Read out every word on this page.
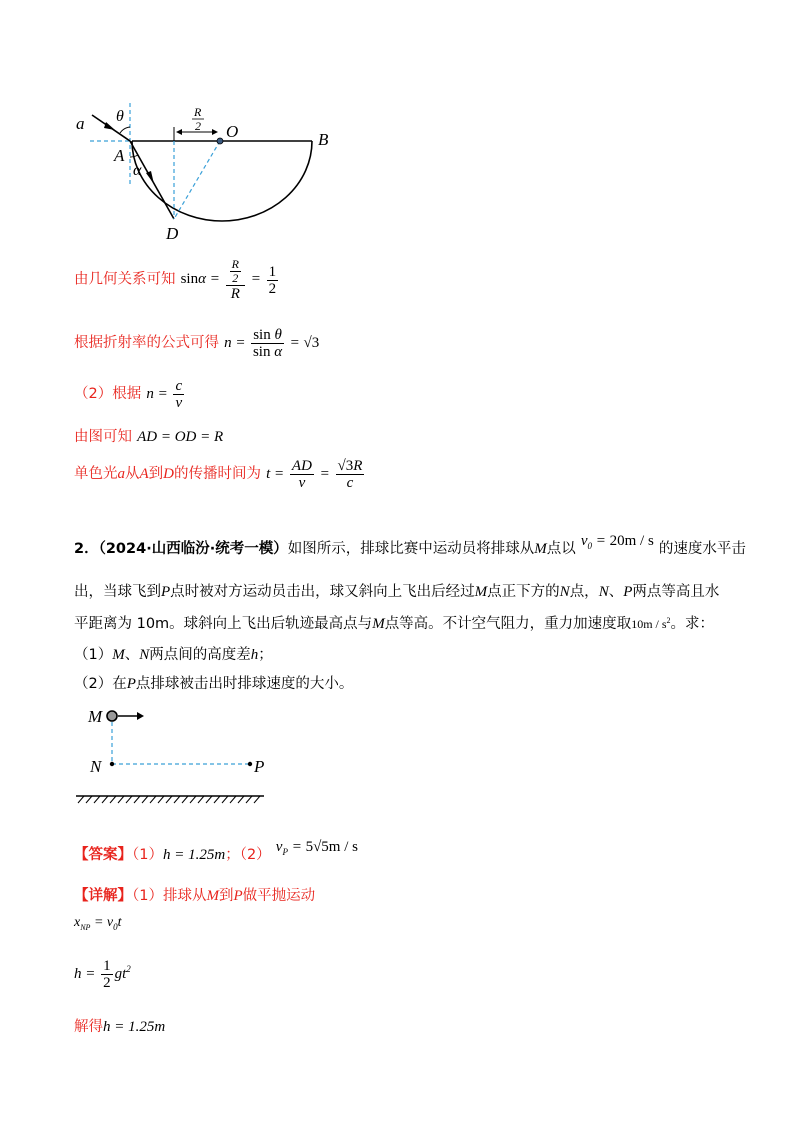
a θ	R
2 O	B
A
α
D
由几何关系可知 $\sin\alpha = \frac{\frac{R}{2}}{R} = \frac{1}{2}$
根据折射率的公式可得 $n = \frac{\text{sin θ}}{\text{sin α}} = √3$
（2）根据 $n = \frac{c}{v}$
由图可知 AD = OD = R
单色光a从A到D的传播时间为 $t = \frac{AD}{v} = \frac{√3R}{c}$
2．（2024·山西临汾·统考一模）如图所示，排球比赛中运动员将排球从M点以 $v_0 = 20m / s$ 的速度水平击
出，当球飞到P点时被对方运动员击出，球又斜向上飞出后经过M点正下方的N点，N、P两点等高且水
平距离为 10m。球斜向上飞出后轨迹最高点与M点等高。不计空气阻力，重力加速度取$10m / s^2$。求：
（1）M、N两点间的高度差h；
（2）在P点排球被击出时排球速度的大小。
M
N	P
【答案】（1）h = 1.25m；（2） $v_P = 5√5m / s$
【详解】（1）排球从M到P做平抛运动
$x_{NP} = v_0t$
$h = \frac{1}{2} gt^2$
解得h = 1.25m
